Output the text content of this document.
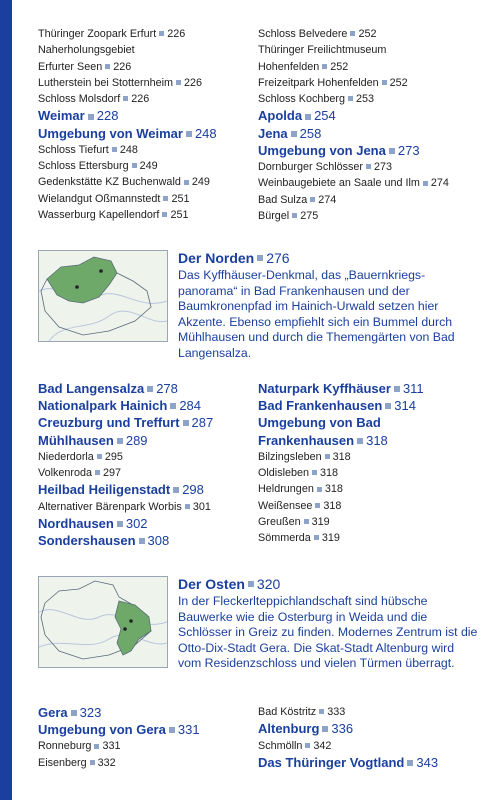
Thüringer Zoopark Erfurt 226
Naherholungsgebiet
Erfurter Seen 226
Lutherstein bei Stotternheim 226
Schloss Molsdorf 226
Weimar 228
Umgebung von Weimar 248
Schloss Tiefurt 248
Schloss Ettersburg 249
Gedenkstätte KZ Buchenwald 249
Wielandgut Oßmannstedt 251
Wasserburg Kapellendorf 251
Schloss Belvedere 252
Thüringer Freilichtmuseum
Hohenfelden 252
Freizeitpark Hohenfelden 252
Schloss Kochberg 253
Apolda 254
Jena 258
Umgebung von Jena 273
Dornburger Schlösser 273
Weinbaugebiete an Saale und Ilm 274
Bad Sulza 274
Bürgel 275
Der Norden 276
Das Kyffhäuser-Denkmal, das „Bauernkriegspanorama“ in Bad Frankenhausen und der Baumkronenpfad im Hainich-Urwald setzen hier Akzente. Ebenso empfiehlt sich ein Bummel durch Mühlhausen und durch die Themengärten von Bad Langensalza.
Bad Langensalza 278
Nationalpark Hainich 284
Creuzburg und Treffurt 287
Mühlhausen 289
Niederdorla 295
Volkenroda 297
Heilbad Heiligenstadt 298
Alternativer Bärenpark Worbis 301
Nordhausen 302
Sondershausen 308
Naturpark Kyffhäuser 311
Bad Frankenhausen 314
Umgebung von Bad
Frankenhausen 318
Bilzingsleben 318
Oldisleben 318
Heldrungen 318
Weißensee 318
Greußen 319
Sömmerda 319
Der Osten 320
In der Fleckerlteppichlandschaft sind hübsche Bauwerke wie die Osterburg in Weida und die Schlösser in Greiz zu finden. Modernes Zentrum ist die Otto-Dix-Stadt Gera. Die Skat-Stadt Altenburg wird vom Residenzschloss und vielen Türmen überragt.
Gera 323
Umgebung von Gera 331
Ronneburg 331
Eisenberg 332
Bad Köstritz 333
Altenburg 336
Schmölln 342
Das Thüringer Vogtland 343
